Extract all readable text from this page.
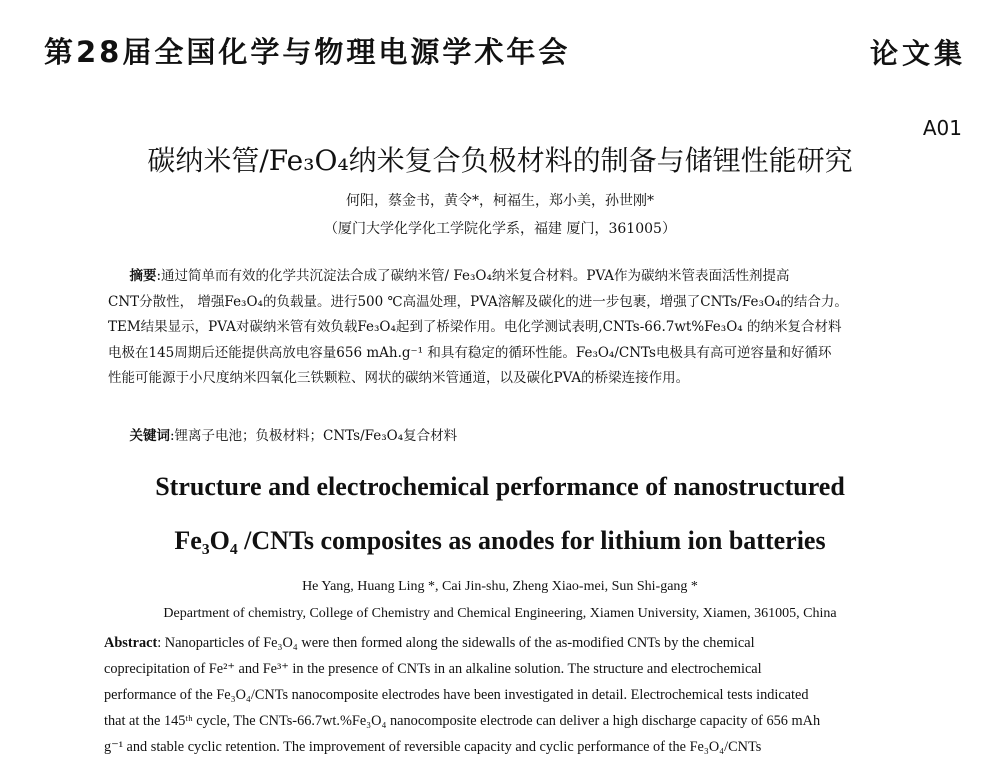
第28届全国化学与物理电源学术年会	论文集
A01
碳纳米管/Fe₃O₄纳米复合负极材料的制备与储锂性能研究
何阳，蔡金书，黄令*，柯福生，郑小美，孙世刚*
（厦门大学化学化工学院化学系，福建 厦门，361005）
摘要:通过简单而有效的化学共沉淀法合成了碳纳米管/ Fe₃O₄纳米复合材料。PVA作为碳纳米管表面活性剂提高
CNT分散性， 增强Fe₃O₄的负载量。进行500 ℃高温处理，PVA溶解及碳化的进一步包裹，增强了CNTs/Fe₃O₄的结合力。
TEM结果显示，PVA对碳纳米管有效负载Fe₃O₄起到了桥梁作用。电化学测试表明,CNTs-66.7wt%Fe₃O₄ 的纳米复合材料
电极在145周期后还能提供高放电容量656 mAh.g⁻¹ 和具有稳定的循环性能。Fe₃O₄/CNTs电极具有高可逆容量和好循环
性能可能源于小尺度纳米四氧化三铁颗粒、网状的碳纳米管通道，以及碳化PVA的桥梁连接作用。
关键词:锂离子电池；负极材料；CNTs/Fe₃O₄复合材料
Structure and electrochemical performance of nanostructured
Fe₃O₄ /CNTs composites as anodes for lithium ion batteries
He Yang, Huang Ling *, Cai Jin-shu, Zheng Xiao-mei, Sun Shi-gang *
Department of chemistry, College of Chemistry and Chemical Engineering, Xiamen University, Xiamen, 361005, China
Abstract: Nanoparticles of Fe₃O₄ were then formed along the sidewalls of the as-modified CNTs by the chemical
coprecipitation of Fe²⁺ and Fe³⁺ in the presence of CNTs in an alkaline solution. The structure and electrochemical
performance of the Fe₃O₄/CNTs nanocomposite electrodes have been investigated in detail. Electrochemical tests indicated
that at the 145ᵗʰ cycle, The CNTs-66.7wt.%Fe₃O₄ nanocomposite electrode can deliver a high discharge capacity of 656 mAh
g⁻¹ and stable cyclic retention. The improvement of reversible capacity and cyclic performance of the Fe₃O₄/CNTs
